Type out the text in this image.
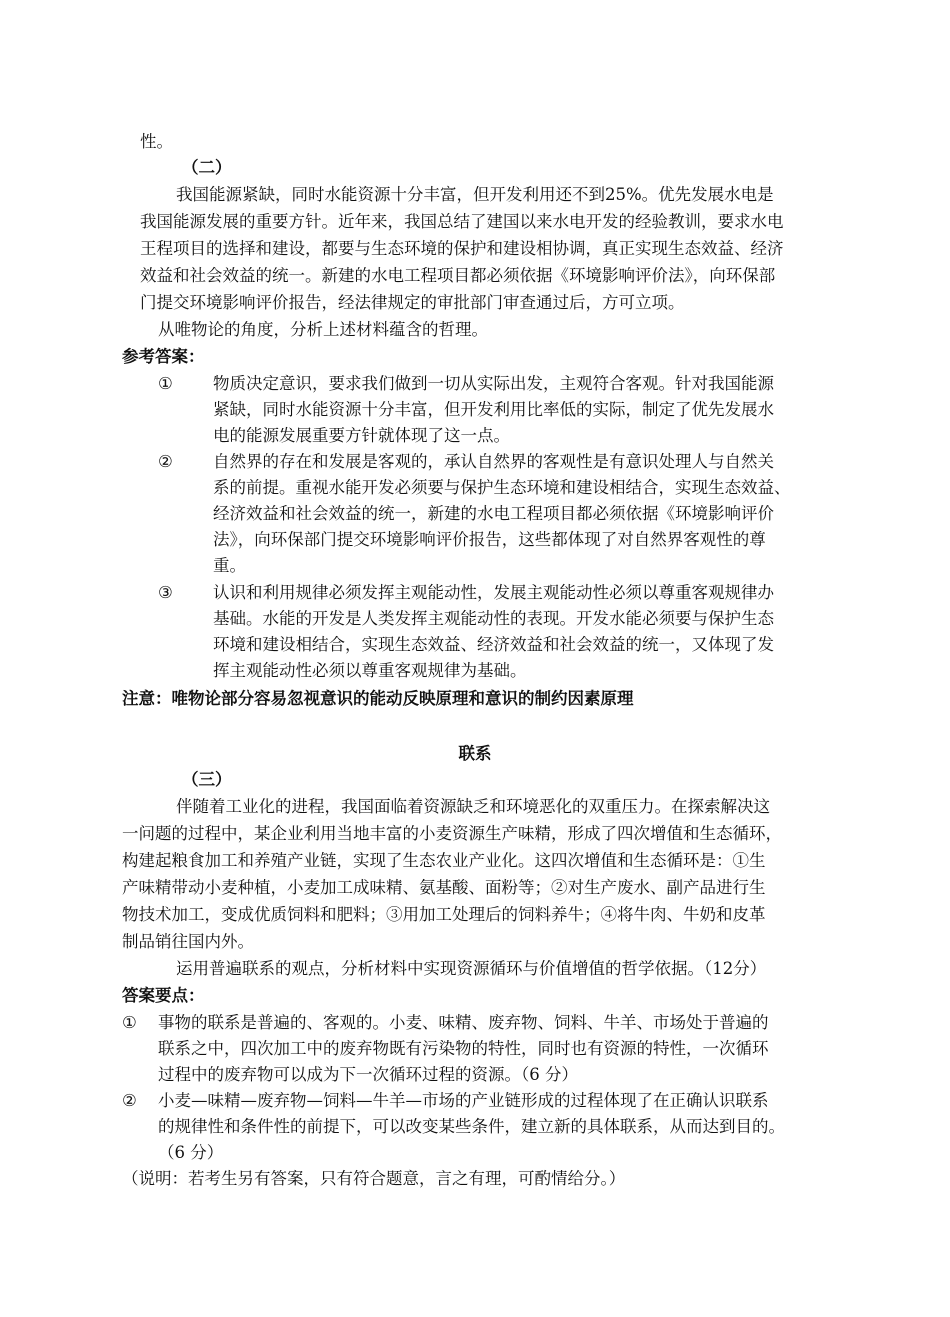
性。
（二）
我国能源紧缺，同时水能资源十分丰富，但开发利用还不到25%。优先发展水电是
我国能源发展的重要方针。近年来，我国总结了建国以来水电开发的经验教训，要求水电
王程项目的选择和建设，都要与生态环境的保护和建设相协调，真正实现生态效益、经济
效益和社会效益的统一。新建的水电工程项目都必须依据《环境影响评价法》，向环保部
门提交环境影响评价报告，经法律规定的审批部门审查通过后，方可立项。
从唯物论的角度，分析上述材料蕴含的哲理。
参考答案：
① 物质决定意识，要求我们做到一切从实际出发，主观符合客观。针对我国能源
紧缺，同时水能资源十分丰富，但开发利用比率低的实际，制定了优先发展水
电的能源发展重要方针就体现了这一点。
② 自然界的存在和发展是客观的，承认自然界的客观性是有意识处理人与自然关
系的前提。重视水能开发必须要与保护生态环境和建设相结合，实现生态效益、
经济效益和社会效益的统一，新建的水电工程项目都必须依据《环境影响评价
法》，向环保部门提交环境影响评价报告，这些都体现了对自然界客观性的尊
重。
③ 认识和利用规律必须发挥主观能动性，发展主观能动性必须以尊重客观规律办
基础。水能的开发是人类发挥主观能动性的表现。开发水能必须要与保护生态
环境和建设相结合，实现生态效益、经济效益和社会效益的统一，又体现了发
挥主观能动性必须以尊重客观规律为基础。
注意：唯物论部分容易忽视意识的能动反映原理和意识的制约因素原理
联系
（三）
伴随着工业化的进程，我国面临着资源缺乏和环境恶化的双重压力。在探索解决这
一问题的过程中，某企业利用当地丰富的小麦资源生产味精，形成了四次增值和生态循环，
构建起粮食加工和养殖产业链，实现了生态农业产业化。这四次增值和生态循环是：①生
产味精带动小麦种植，小麦加工成味精、氨基酸、面粉等；②对生产废水、副产品进行生
物技术加工，变成优质饲料和肥料；③用加工处理后的饲料养牛；④将牛肉、牛奶和皮革
制品销往国内外。
运用普遍联系的观点，分析材料中实现资源循环与价值增值的哲学依据。（12分）
答案要点：
① 事物的联系是普遍的、客观的。小麦、味精、废弃物、饲料、牛羊、市场处于普遍的
联系之中，四次加工中的废弃物既有污染物的特性，同时也有资源的特性，一次循环
过程中的废弃物可以成为下一次循环过程的资源。（6 分）
② 小麦—味精—废弃物—饲料—牛羊—市场的产业链形成的过程体现了在正确认识联系
的规律性和条件性的前提下，可以改变某些条件，建立新的具体联系，从而达到目的。
（6 分）
（说明：若考生另有答案，只有符合题意，言之有理，可酌情给分。）
